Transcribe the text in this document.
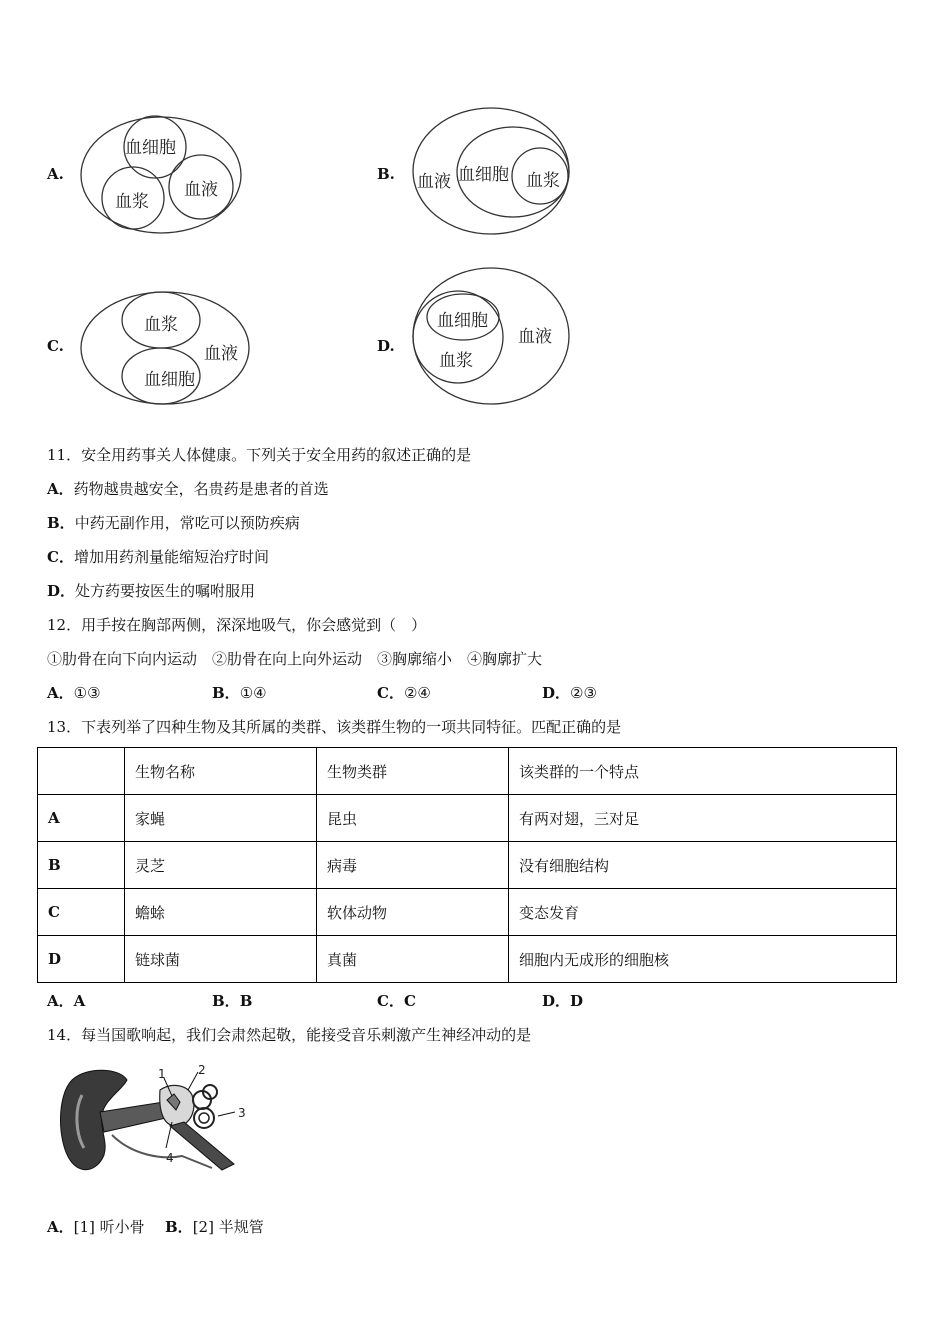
A.
血细胞
血浆
血液
B. 血液 血细胞 血浆
C.
血浆
血液
血细胞
D.
血细胞
血液
血浆
11．安全用药事关人体健康。下列关于安全用药的叙述正确的是
A．药物越贵越安全，名贵药是患者的首选
B．中药无副作用，常吃可以预防疾病
C．增加用药剂量能缩短治疗时间
D．处方药要按医生的嘱咐服用
12．用手按在胸部两侧，深深地吸气，你会感觉到（　）
①肋骨在向下向内运动　②肋骨在向上向外运动　③胸廓缩小　④胸廓扩大
A．①③	B．①④	C．②④	D．②③
13．下表列举了四种生物及其所属的类群、该类群生物的一项共同特征。匹配正确的是
	生物名称	生物类群	该类群的一个特点
A	家蝇	昆虫	有两对翅，三对足
B	灵芝	病毒	没有细胞结构
C	蟾蜍	软体动物	变态发育
D	链球菌	真菌	细胞内无成形的细胞核
A．A	B．B	C．C	D．D
14．每当国歌响起，我们会肃然起敬，能接受音乐刺激产生神经冲动的是
1	2
3
4
A．[1] 听小骨 B．[2] 半规管
